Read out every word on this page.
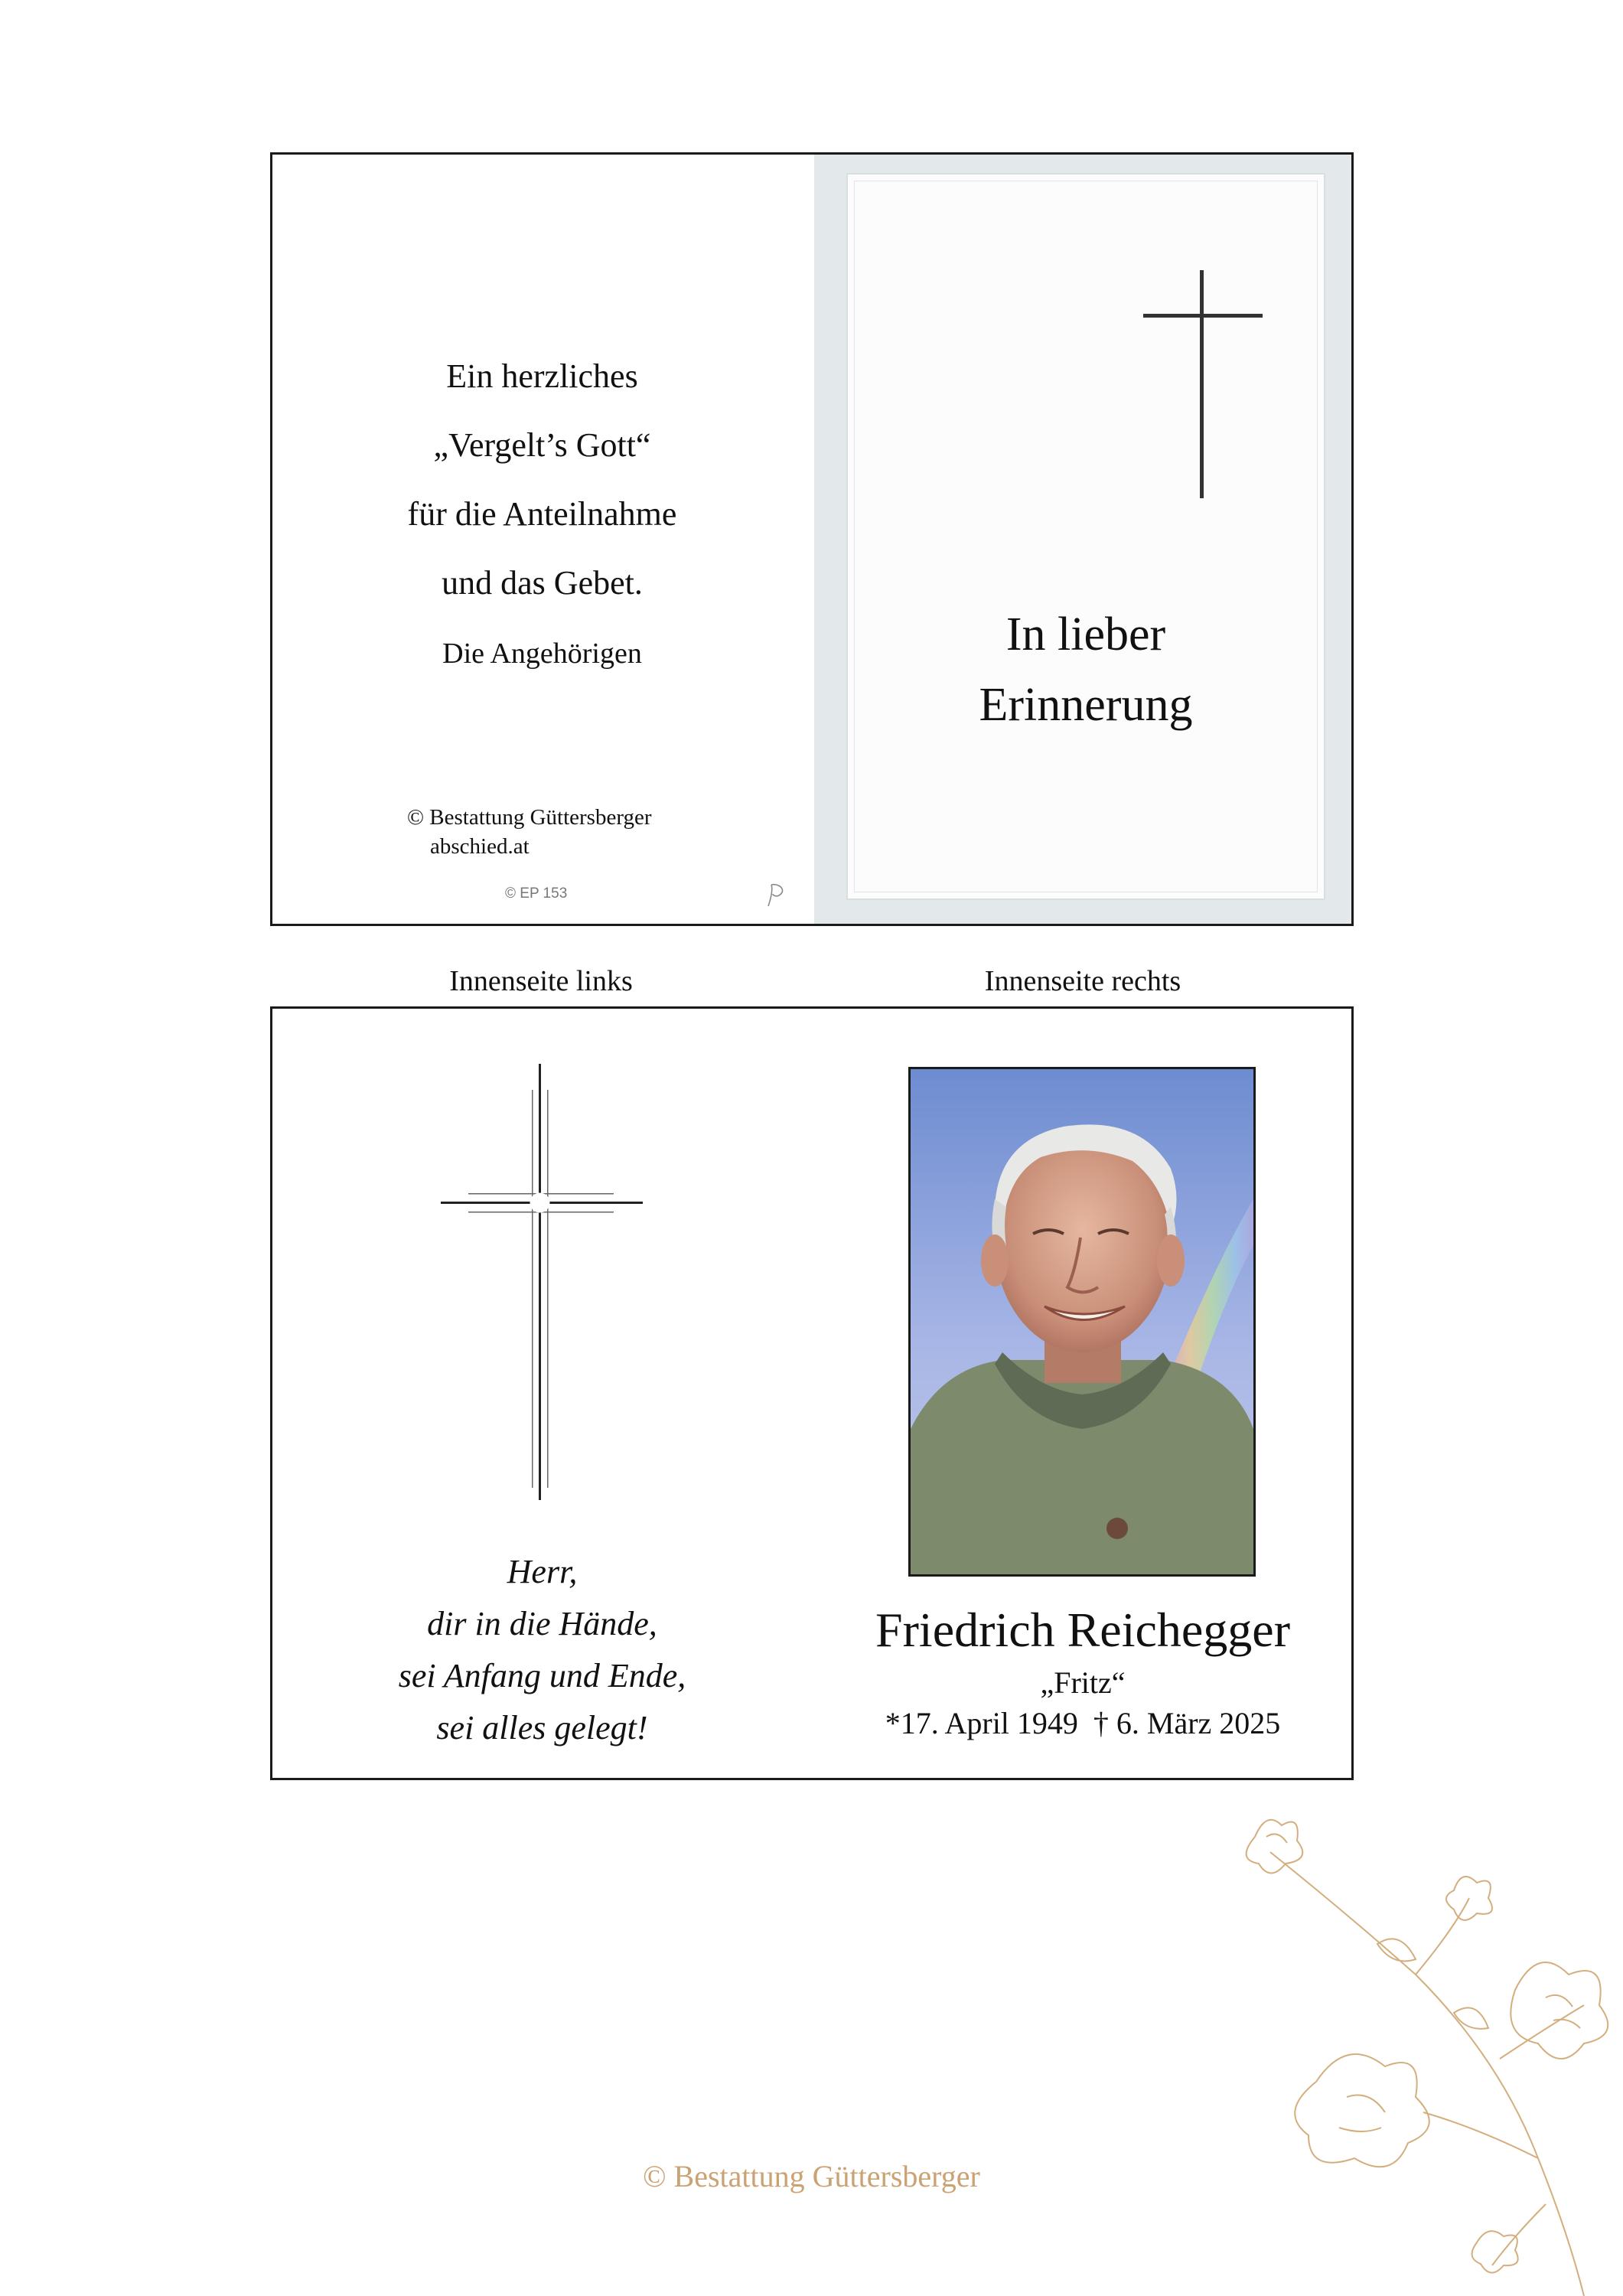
Ein herzliches
„Vergelt’s Gott“
für die Anteilnahme
und das Gebet.
Die Angehörigen
© Bestattung Güttersberger
abschied.at
© EP 153
In lieber
Erinnerung
Innenseite links	Innenseite rechts
Herr,
dir in die Hände,
sei Anfang und Ende,
sei alles gelegt!
Friedrich Reichegger
„Fritz“
*17. April 1949  † 6. März 2025
© Bestattung Güttersberger
